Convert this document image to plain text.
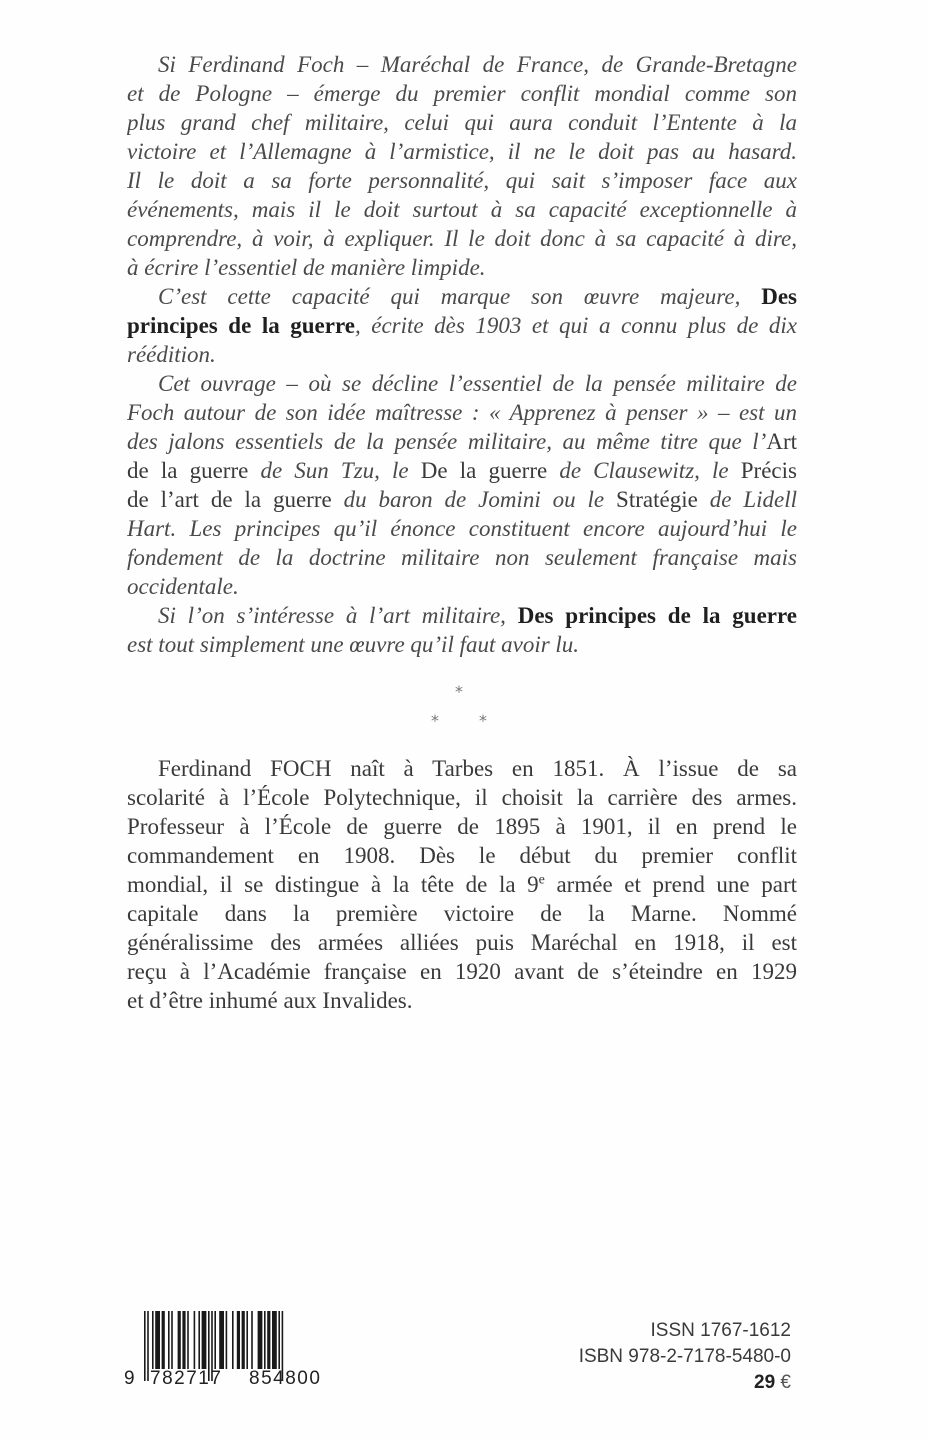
Si Ferdinand Foch – Maréchal de France, de Grande-Bretagne
et de Pologne – émerge du premier conflit mondial comme son
plus grand chef militaire, celui qui aura conduit l’Entente à la
victoire et l’Allemagne à l’armistice, il ne le doit pas au hasard.
Il le doit a sa forte personnalité, qui sait s’imposer face aux
événements, mais il le doit surtout à sa capacité exceptionnelle à
comprendre, à voir, à expliquer. Il le doit donc à sa capacité à dire,
à écrire l’essentiel de manière limpide.
C’est cette capacité qui marque son œuvre majeure, Des
principes de la guerre, écrite dès 1903 et qui a connu plus de dix
réédition.
Cet ouvrage – où se décline l’essentiel de la pensée militaire de
Foch autour de son idée maîtresse : « Apprenez à penser » – est un
des jalons essentiels de la pensée militaire, au même titre que l’Art
de la guerre de Sun Tzu, le De la guerre de Clausewitz, le Précis
de l’art de la guerre du baron de Jomini ou le Stratégie de Lidell
Hart. Les principes qu’il énonce constituent encore aujourd’hui le
fondement de la doctrine militaire non seulement française mais
occidentale.
Si l’on s’intéresse à l’art militaire, Des principes de la guerre
est tout simplement une œuvre qu’il faut avoir lu.
*
*	*
Ferdinand FOCH naît à Tarbes en 1851. À l’issue de sa
scolarité à l’École Polytechnique, il choisit la carrière des armes.
Professeur à l’École de guerre de 1895 à 1901, il en prend le
commandement en 1908. Dès le début du premier conflit
mondial, il se distingue à la tête de la 9e armée et prend une part
capitale dans la première victoire de la Marne. Nommé
généralissime des armées alliées puis Maréchal en 1918, il est
reçu à l’Académie française en 1920 avant de s’éteindre en 1929
et d’être inhumé aux Invalides.
9 782717 854800
ISSN 1767-1612
ISBN 978-2-7178-5480-0
29 €
